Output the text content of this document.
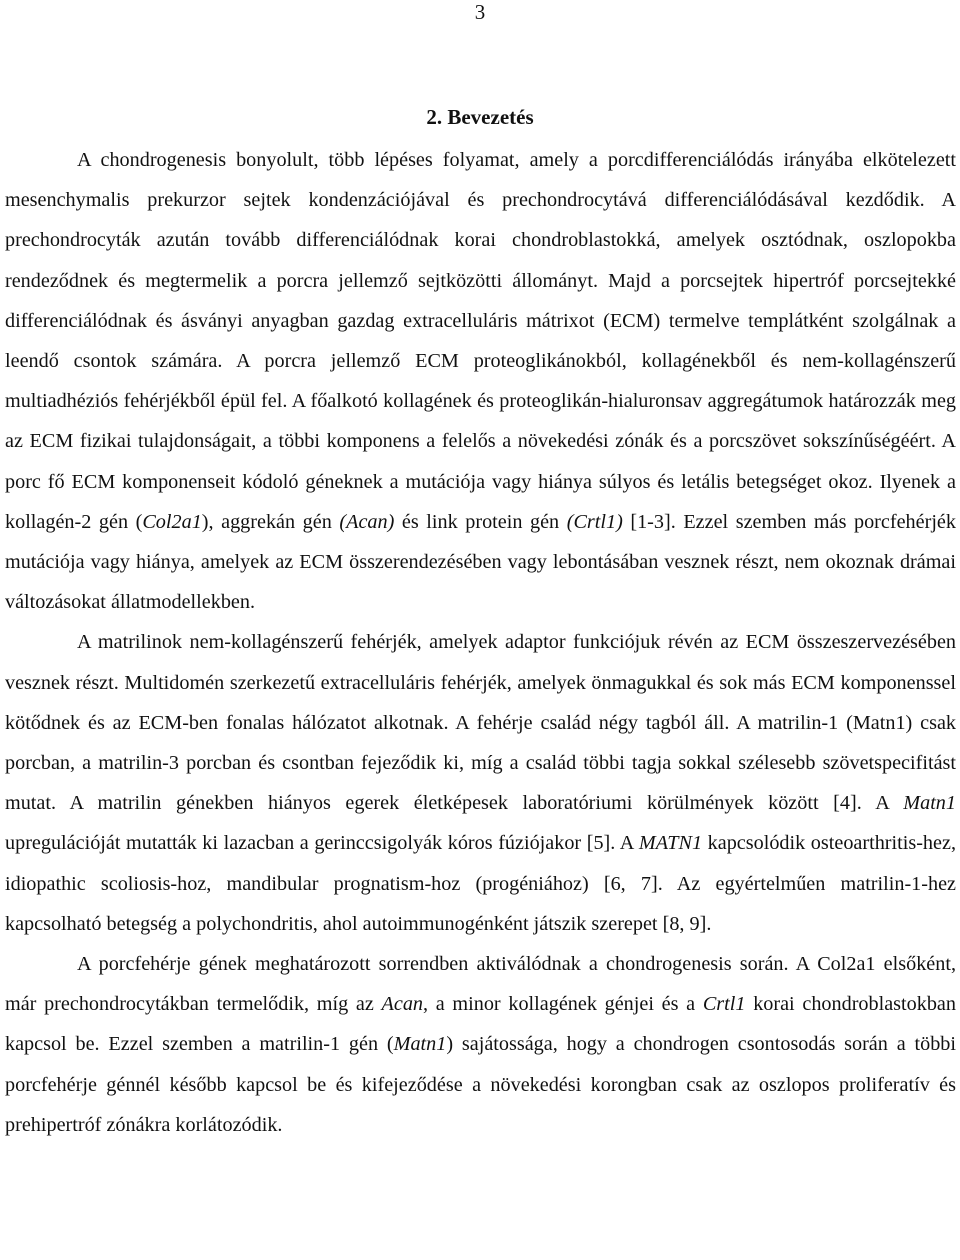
3
2. Bevezetés

A chondrogenesis bonyolult, több lépéses folyamat, amely a porcdifferenciálódás irányába elkötelezett mesenchymalis prekurzor sejtek kondenzációjával és prechondrocytává differenciálódásával kezdődik. A prechondrocyták azután tovább differenciálódnak korai chondroblastokká, amelyek osztódnak, oszlopokba rendeződnek és megtermelik a porcra jellemző sejtközötti állományt. Majd a porcsejtek hipertróf porcsejtekké differenciálódnak és ásványi anyagban gazdag extracelluláris mátrixot (ECM) termelve templátként szolgálnak a leendő csontok számára. A porcra jellemző ECM proteoglikánokból, kollagénekből és nem-kollagénszerű multiadhéziós fehérjékből épül fel. A főalkotó kollagének és proteoglikán-hialuronsav aggregátumok határozzák meg az ECM fizikai tulajdonságait, a többi komponens a felelős a növekedési zónák és a porcszövet sokszínűségéért. A porc fő ECM komponenseit kódoló géneknek a mutációja vagy hiánya súlyos és letális betegséget okoz. Ilyenek a kollagén-2 gén (Col2a1), aggrekán gén (Acan) és link protein gén (Crtl1) [1-3]. Ezzel szemben más porcfehérjék mutációja vagy hiánya, amelyek az ECM összerendezésében vagy lebontásában vesznek részt, nem okoznak drámai változásokat állatmodellekben.

A matrilinok nem-kollagénszerű fehérjék, amelyek adaptor funkciójuk révén az ECM összeszervezésében vesznek részt. Multidomén szerkezetű extracelluláris fehérjék, amelyek önmagukkal és sok más ECM komponenssel kötődnek és az ECM-ben fonalas hálózatot alkotnak. A fehérje család négy tagból áll. A matrilin-1 (Matn1) csak porcban, a matrilin-3 porcban és csontban fejeződik ki, míg a család többi tagja sokkal szélesebb szövetspecifitást mutat. A matrilin génekben hiányos egerek életképesek laboratóriumi körülmények között [4]. A Matn1 upregulációját mutatták ki lazacban a gerinccsigolyák kóros fúziójakor [5]. A MATN1 kapcsolódik osteoarthritis-hez, idiopathic scoliosis-hoz, mandibular prognatism-hoz (progéniához) [6, 7]. Az egyértelműen matrilin-1-hez kapcsolható betegség a polychondritis, ahol autoimmunogénként játszik szerepet [8, 9].

A porcfehérje gének meghatározott sorrendben aktiválódnak a chondrogenesis során. A Col2a1 elsőként, már prechondrocytákban termelődik, míg az Acan, a minor kollagének génjei és a Crtl1 korai chondroblastokban kapcsol be. Ezzel szemben a matrilin-1 gén (Matn1) sajátossága, hogy a chondrogen csontosodás során a többi porcfehérje génnél később kapcsol be és kifejeződése a növekedési korongban csak az oszlopos proliferatív és prehipertróf zónákra korlátozódik.
